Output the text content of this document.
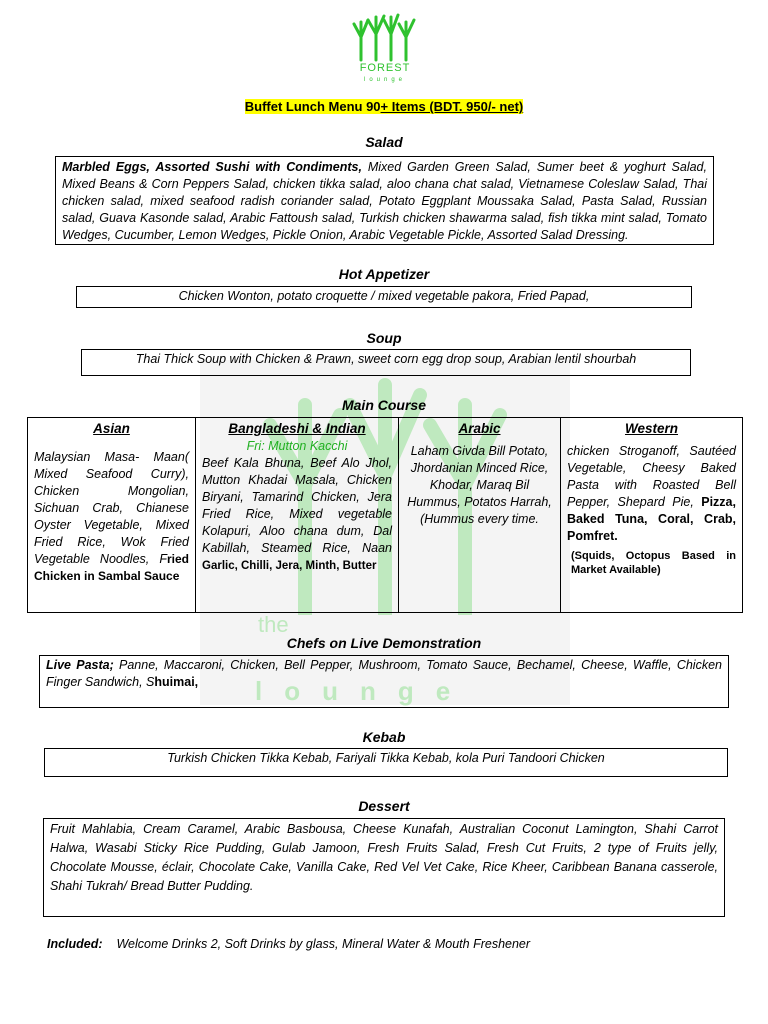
the
lounge
FOREST
lounge
Buffet Lunch Menu 90+ Items (BDT. 950/- net)
Salad
Marbled Eggs, Assorted Sushi with Condiments, Mixed Garden Green Salad, Sumer beet & yoghurt Salad, Mixed Beans & Corn Peppers Salad, chicken tikka salad, aloo chana chat salad, Vietnamese Coleslaw Salad, Thai chicken salad, mixed seafood radish coriander salad, Potato Eggplant Moussaka Salad, Pasta Salad, Russian salad, Guava Kasonde salad, Arabic Fattoush salad, Turkish chicken shawarma salad, fish tikka mint salad, Tomato Wedges, Cucumber, Lemon Wedges, Pickle Onion, Arabic Vegetable Pickle, Assorted Salad Dressing.
Hot Appetizer
Chicken Wonton, potato croquette / mixed vegetable pakora, Fried Papad,
Soup
Thai Thick Soup with Chicken & Prawn, sweet corn egg drop soup, Arabian lentil shourbah
Main Course
Asian
Malaysian Masa- Maan( Mixed Seafood Curry), Chicken Mongolian, Sichuan Crab, Chianese Oyster Vegetable, Mixed Fried Rice, Wok Fried Vegetable Noodles, Fried Chicken in Sambal Sauce

Bangladeshi & Indian
Fri: Mutton Kacchi
Beef Kala Bhuna, Beef Alo Jhol, Mutton Khadai Masala, Chicken Biryani, Tamarind Chicken, Jera Fried Rice, Mixed vegetable Kolapuri, Aloo chana dum, Dal Kabillah, Steamed Rice, Naan Garlic, Chilli, Jera, Minth, Butter

Arabic
Laham Givda Bill Potato, Jhordanian Minced Rice, Khodar, Maraq Bil Hummus, Potatos Harrah, (Hummus every time.

Western
chicken Stroganoff, Sautéed Vegetable, Cheesy Baked Pasta with Roasted Bell Pepper, Shepard Pie, Pizza, Baked Tuna, Coral, Crab, Pomfret.
(Squids, Octopus Based in Market Available)
Chefs on Live Demonstration
Live Pasta; Panne, Maccaroni, Chicken, Bell Pepper, Mushroom, Tomato Sauce, Bechamel, Cheese, Waffle, Chicken Finger Sandwich, Shuimai,
Kebab
Turkish Chicken Tikka Kebab, Fariyali Tikka Kebab, kola Puri Tandoori Chicken
Dessert
Fruit Mahlabia, Cream Caramel, Arabic Basbousa, Cheese Kunafah, Australian Coconut Lamington, Shahi Carrot Halwa, Wasabi Sticky Rice Pudding, Gulab Jamoon, Fresh Fruits Salad, Fresh Cut Fruits, 2 type of Fruits jelly, Chocolate Mousse, éclair, Chocolate Cake, Vanilla Cake, Red Vel Vet Cake, Rice Kheer, Caribbean Banana casserole, Shahi Tukrah/ Bread Butter Pudding.
Included: Welcome Drinks 2, Soft Drinks by glass, Mineral Water & Mouth Freshener
